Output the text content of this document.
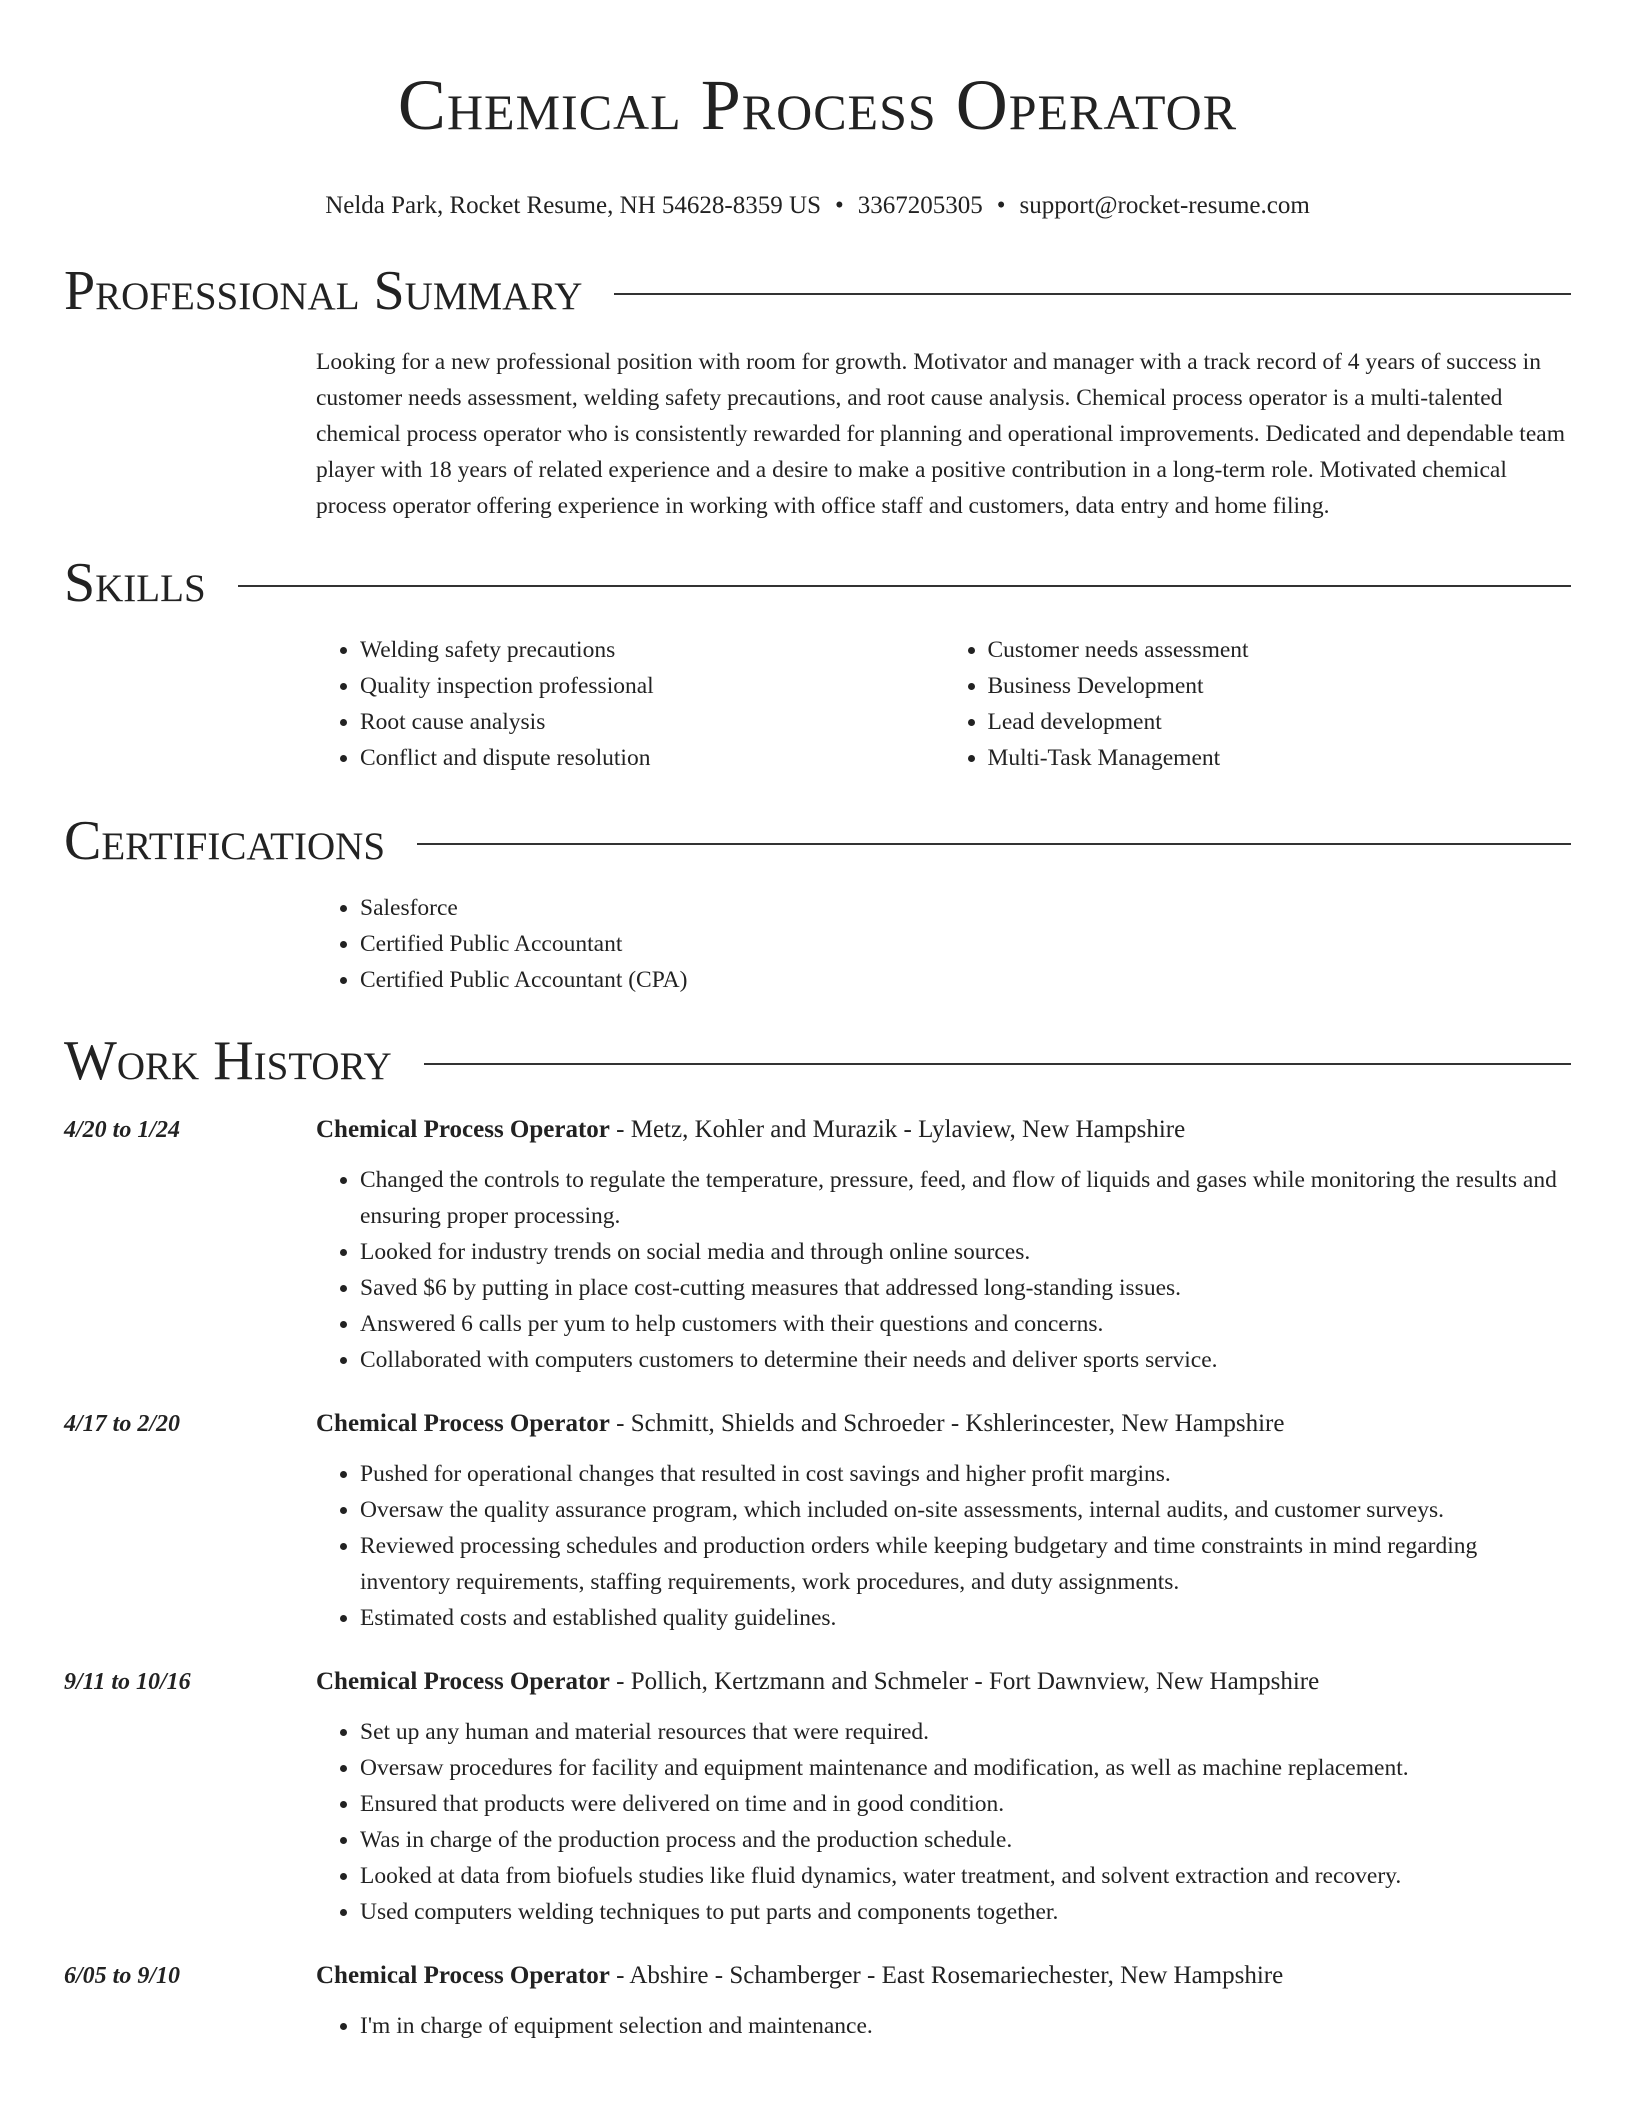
Chemical Process Operator
Nelda Park, Rocket Resume, NH 54628-8359 US • 3367205305 • support@rocket-resume.com
Professional Summary
Looking for a new professional position with room for growth. Motivator and manager with a track record of 4 years of success in customer needs assessment, welding safety precautions, and root cause analysis. Chemical process operator is a multi-talented chemical process operator who is consistently rewarded for planning and operational improvements. Dedicated and dependable team player with 18 years of related experience and a desire to make a positive contribution in a long-term role. Motivated chemical process operator offering experience in working with office staff and customers, data entry and home filing.
Skills
• Welding safety precautions
• Quality inspection professional
• Root cause analysis
• Conflict and dispute resolution
• Customer needs assessment
• Business Development
• Lead development
• Multi-Task Management
Certifications
• Salesforce
• Certified Public Accountant
• Certified Public Accountant (CPA)
Work History
4/20 to 1/24	Chemical Process Operator - Metz, Kohler and Murazik - Lylaview, New Hampshire
• Changed the controls to regulate the temperature, pressure, feed, and flow of liquids and gases while monitoring the results and ensuring proper processing.
• Looked for industry trends on social media and through online sources.
• Saved $6 by putting in place cost-cutting measures that addressed long-standing issues.
• Answered 6 calls per yum to help customers with their questions and concerns.
• Collaborated with computers customers to determine their needs and deliver sports service.
4/17 to 2/20	Chemical Process Operator - Schmitt, Shields and Schroeder - Kshlerincester, New Hampshire
• Pushed for operational changes that resulted in cost savings and higher profit margins.
• Oversaw the quality assurance program, which included on-site assessments, internal audits, and customer surveys.
• Reviewed processing schedules and production orders while keeping budgetary and time constraints in mind regarding inventory requirements, staffing requirements, work procedures, and duty assignments.
• Estimated costs and established quality guidelines.
9/11 to 10/16	Chemical Process Operator - Pollich, Kertzmann and Schmeler - Fort Dawnview, New Hampshire
• Set up any human and material resources that were required.
• Oversaw procedures for facility and equipment maintenance and modification, as well as machine replacement.
• Ensured that products were delivered on time and in good condition.
• Was in charge of the production process and the production schedule.
• Looked at data from biofuels studies like fluid dynamics, water treatment, and solvent extraction and recovery.
• Used computers welding techniques to put parts and components together.
6/05 to 9/10	Chemical Process Operator - Abshire - Schamberger - East Rosemariechester, New Hampshire
• I'm in charge of equipment selection and maintenance.
